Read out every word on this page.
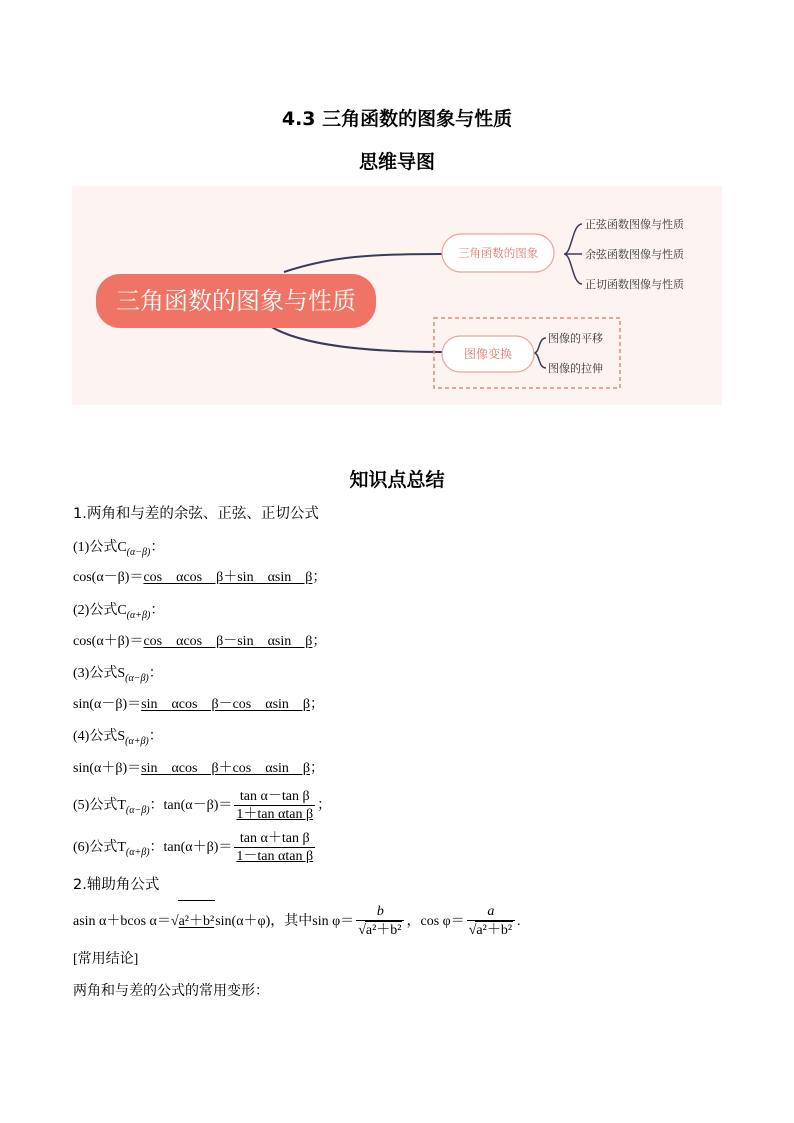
4.3 三角函数的图象与性质
思维导图
三角函数的图象与性质
三角函数的图象
图像变换
正弦函数图像与性质
余弦函数图像与性质
正切函数图像与性质
图像的平移
图像的拉伸
知识点总结
1.两角和与差的余弦、正弦、正切公式
(1)公式$C_{(\alpha-\beta)}$：
cos(α－β)＝cos　αcos　β＋sin　αsin　β；
(2)公式$C_{(\alpha+\beta)}$：
cos(α＋β)＝cos　αcos　β－sin　αsin　β；
(3)公式$S_{(\alpha-\beta)}$：
sin(α－β)＝sin　αcos　β－cos　αsin　β；
(4)公式$S_{(\alpha+\beta)}$：
sin(α＋β)＝sin　αcos　β＋cos　αsin　β；
(5)公式$T_{(\alpha-\beta)}$：$\tan(\alpha-\beta)= \frac{\text{tan α－tan β}}{\text{1＋tan αtan β}}$ ；
(6)公式$T_{(\alpha+\beta)}$：$\tan(\alpha+\beta)= \frac{\text{tan α＋tan β}}{\text{1－tan αtan β}}$
2.辅助角公式
asin α＋bcos α＝√a²＋b²sin(α＋φ)，其中$\sin \varphi= \frac{b}{\text{√a²＋b²}}$ ，$\cos \varphi= \frac{a}{\text{√a²＋b²}}$ .
[常用结论]
两角和与差的公式的常用变形：
